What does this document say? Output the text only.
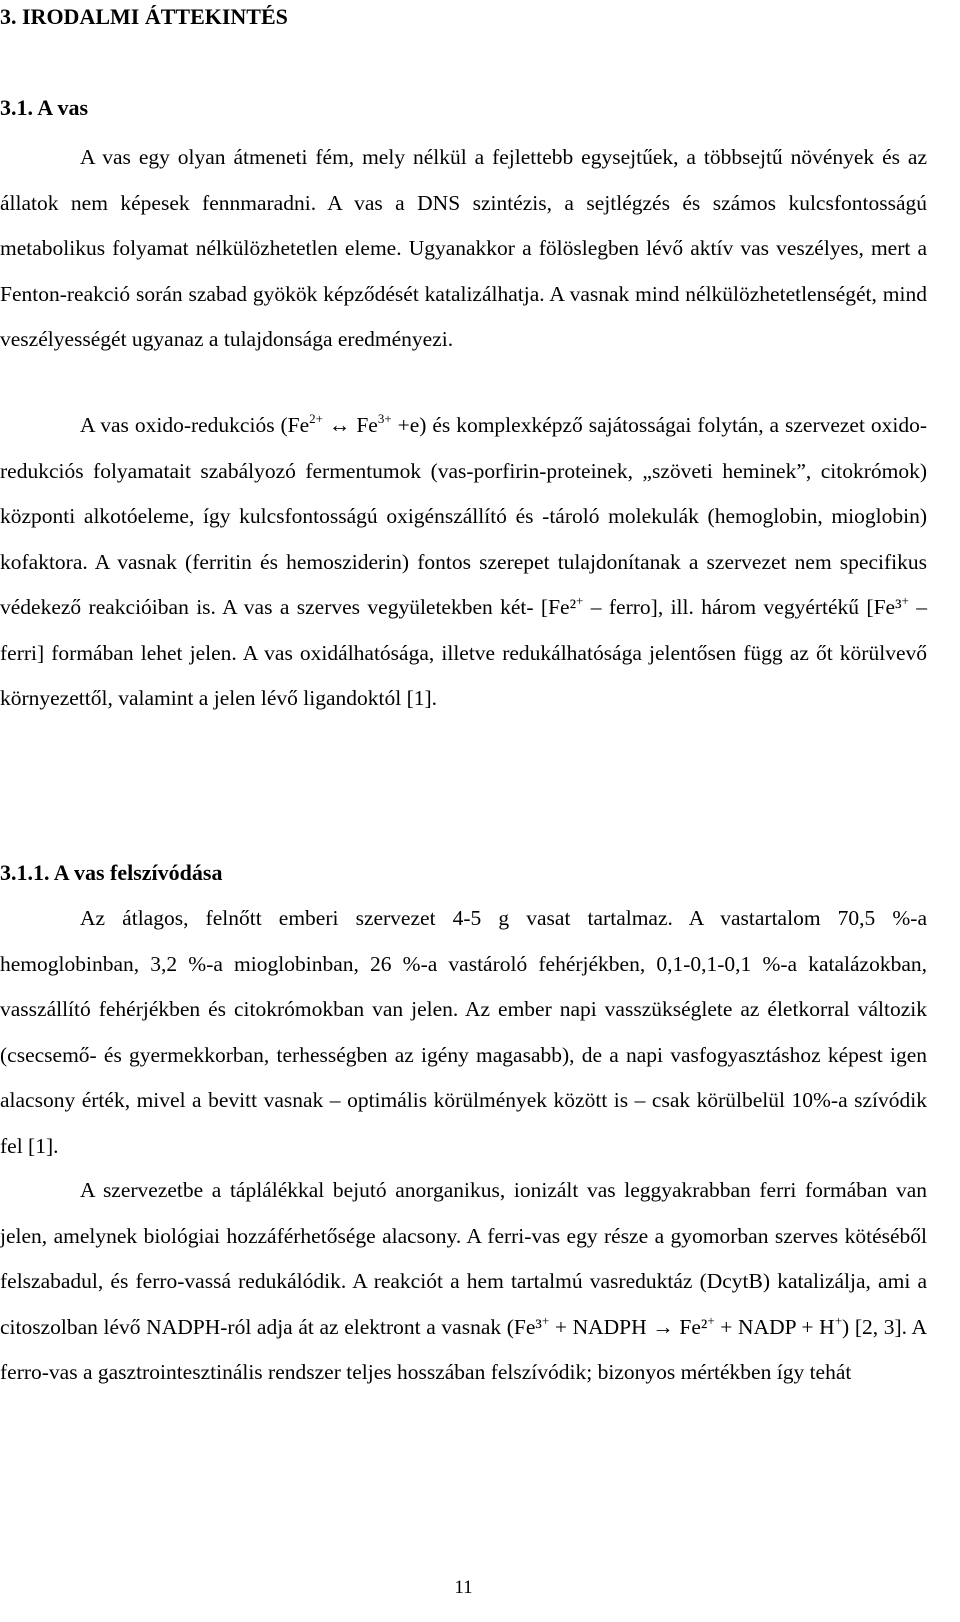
3. IRODALMI ÁTTEKINTÉS
3.1. A vas

A vas egy olyan átmeneti fém, mely nélkül a fejlettebb egysejtűek, a többsejtű növények és az állatok nem képesek fennmaradni. A vas a DNS szintézis, a sejtlégzés és számos kulcsfontosságú metabolikus folyamat nélkülözhetetlen eleme. Ugyanakkor a fölöslegben lévő aktív vas veszélyes, mert a Fenton-reakció során szabad gyökök képződését katalizálhatja. A vasnak mind nélkülözhetetlenségét, mind veszélyességét ugyanaz a tulajdonsága eredményezi.

A vas oxido-redukciós ($Fe^{2+}$ ↔ $Fe^{3+} +e$) és komplexképző sajátosságai folytán, a szervezet oxido-redukciós folyamatait szabályozó fermentumok (vas-porfirin-proteinek, „szöveti heminek”, citokrómok) központi alkotóeleme, így kulcsfontosságú oxigénszállító és -tároló molekulák (hemoglobin, mioglobin) kofaktora. A vasnak (ferritin és hemosziderin) fontos szerepet tulajdonítanak a szervezet nem specifikus védekező reakcióiban is. A vas a szerves vegyületekben két- [Fe²+ – ferro], ill. három vegyértékű [Fe³+ – ferri] formában lehet jelen. A vas oxidálhatósága, illetve redukálhatósága jelentősen függ az őt körülvevő környezettől, valamint a jelen lévő ligandoktól [1].

3.1.1. A vas felszívódása

Az átlagos, felnőtt emberi szervezet 4-5 g vasat tartalmaz. A vastartalom 70,5 %-a hemoglobinban, 3,2 %-a mioglobinban, 26 %-a vastároló fehérjékben, 0,1-0,1-0,1 %-a katalázokban, vasszállító fehérjékben és citokrómokban van jelen. Az ember napi vasszükséglete az életkorral változik (csecsemő- és gyermekkorban, terhességben az igény magasabb), de a napi vasfogyasztáshoz képest igen alacsony érték, mivel a bevitt vasnak – optimális körülmények között is – csak körülbelül 10%-a szívódik fel [1].

A szervezetbe a táplálékkal bejutó anorganikus, ionizált vas leggyakrabban ferri formában van jelen, amelynek biológiai hozzáférhetősége alacsony. A ferri-vas egy része a gyomorban szerves kötéséből felszabadul, és ferro-vassá redukálódik. A reakciót a hem tartalmú vasreduktáz (DcytB) katalizálja, ami a citoszolban lévő NADPH-ról adja át az elektront a vasnak (Fe³+ + NADPH → Fe²+ + NADP + H+) [2, 3]. A ferro-vas a gasztrointesztinális rendszer teljes hosszában felszívódik; bizonyos mértékben így tehát

11
